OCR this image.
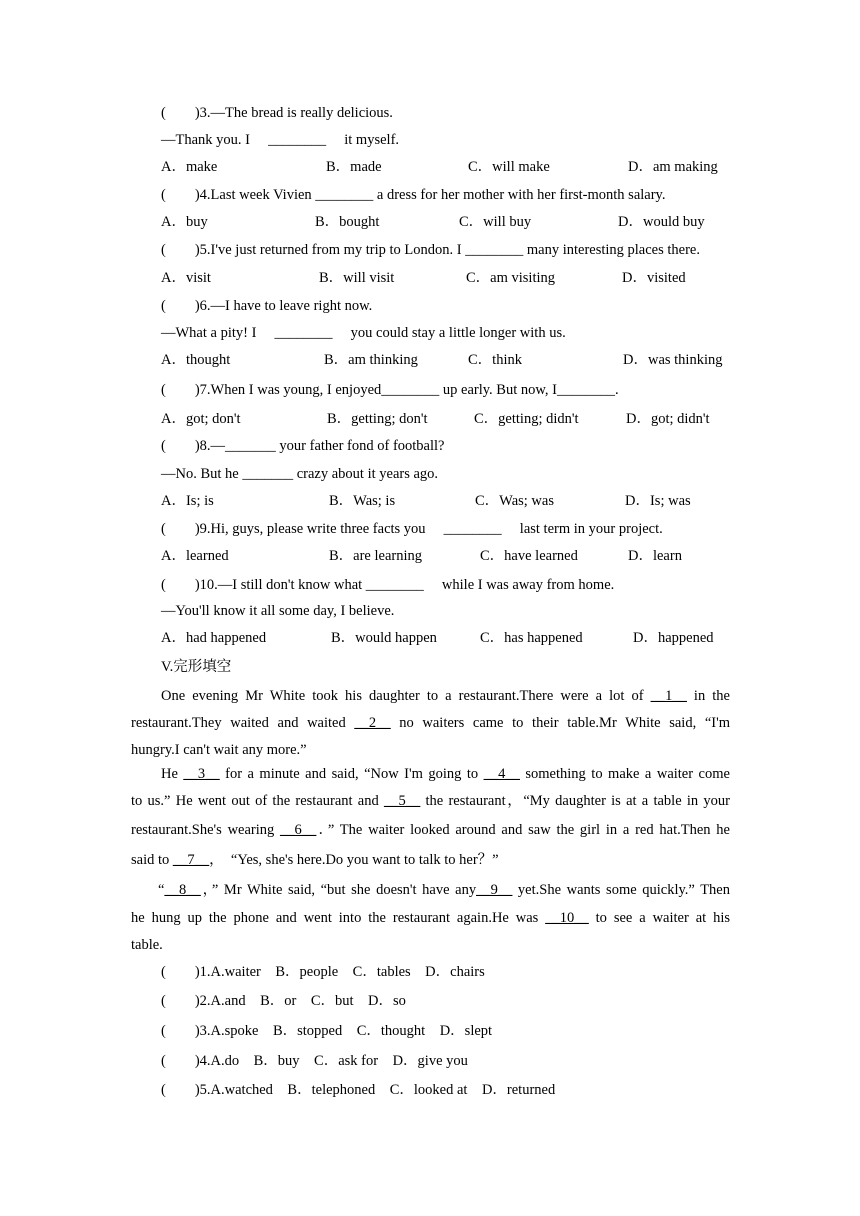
(        )3.—The bread is really delicious.
—Thank you. I     ________     it myself.
A．make	B．made	C．will make	D．am making
(        )4.Last week Vivien ________ a dress for her mother with her first-month salary.
A．buy	B．bought	C．will buy	D．would buy
(        )5.I've just returned from my trip to London. I ________ many interesting places there.
A．visit	B．will visit	C．am visiting	D．visited
(        )6.—I have to leave right now.
—What a pity! I     ________     you could stay a little longer with us.
A．thought	B．am thinking	C．think	D．was thinking
(        )7.When I was young, I enjoyed________ up early. But now, I________.
A．got; don't	B．getting; don't	C．getting; didn't	D．got; didn't
(        )8.—_______ your father fond of football?
—No. But he _______ crazy about it years ago.
A．Is; is	B．Was; is	C．Was; was	D．Is; was
(        )9.Hi, guys, please write three facts you     ________     last term in your project.
A．learned	B．are learning	C．have learned	D．learn
(        )10.—I still don't know what ________     while I was away from home.
—You'll know it all some day, I believe.
A．had happened	B．would happen	C．has happened	D．happened
V.完形填空
One evening Mr White took his daughter to a restaurant.There were a lot of __1__ in the
restaurant.They waited and waited __2__ no waiters came to their table.Mr White said, “I'm
hungry.I can't wait any more.”
He __3__ for a minute and said, “Now I'm going to __4__ something to make a waiter come
to us.” He went out of the restaurant and __5__ the restaurant，“My daughter is at a table in your
restaurant.She's wearing __6__．” The waiter looked around and saw the girl in a red hat.Then he
said to __7__，  “Yes, she's here.Do you want to talk to her？”
“__8__，” Mr White said, “but she doesn't have any__9__ yet.She wants some quickly.” Then
he hung up the phone and went into the restaurant again.He was __10__ to see a waiter at his
table.
(        )1.A.waiter    B．people    C．tables    D．chairs
(        )2.A.and    B．or    C．but    D．so
(        )3.A.spoke    B．stopped    C．thought    D．slept
(        )4.A.do    B．buy    C．ask for    D．give you
(        )5.A.watched    B．telephoned    C．looked at    D．returned
